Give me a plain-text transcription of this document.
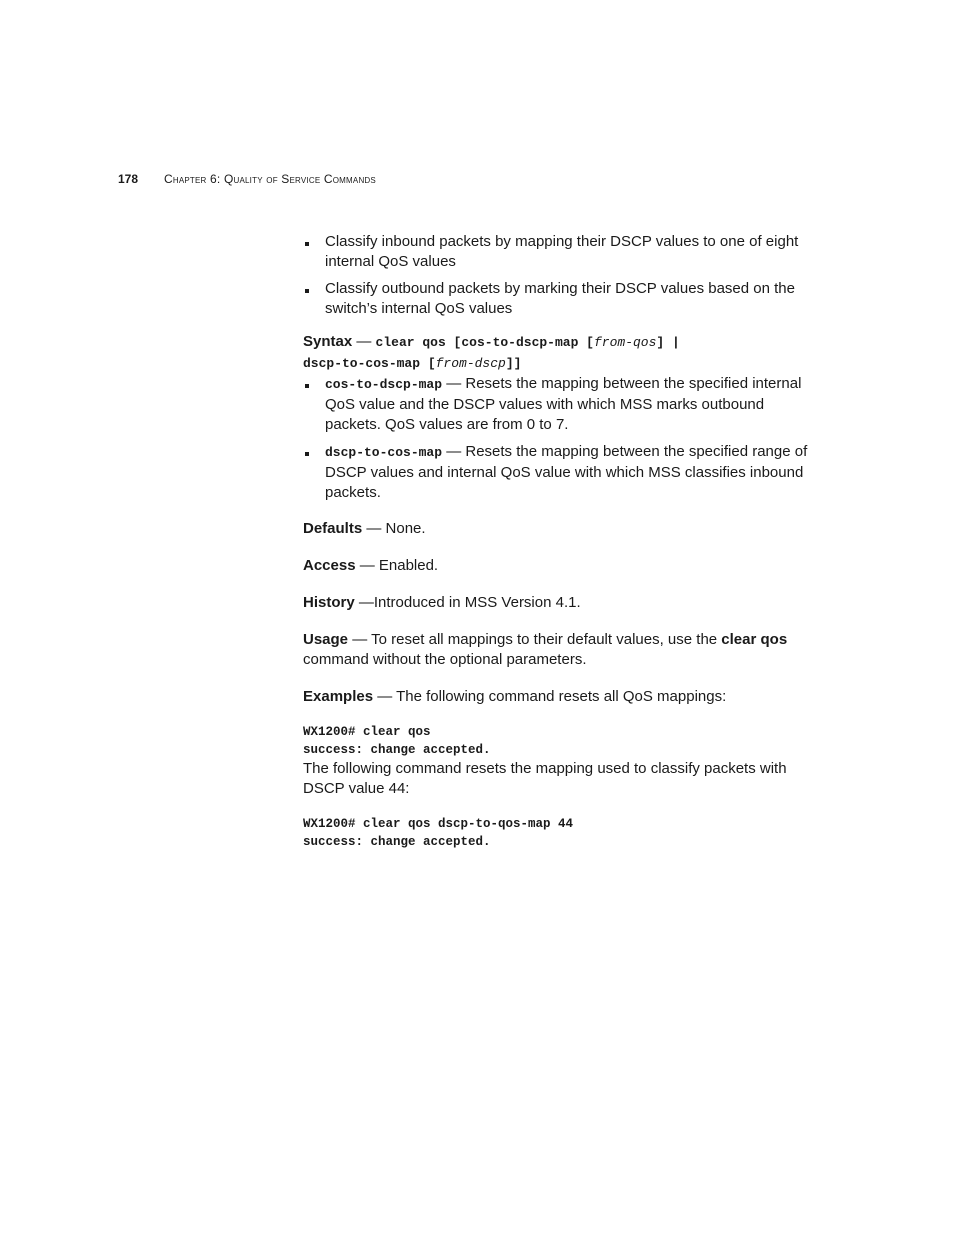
178 Chapter 6: Quality of Service Commands
Classify inbound packets by mapping their DSCP values to one of eight internal QoS values
Classify outbound packets by marking their DSCP values based on the switch’s internal QoS values
Syntax — clear qos [cos-to-dscp-map [from-qos] |
dscp-to-cos-map [from-dscp]]
cos-to-dscp-map — Resets the mapping between the specified internal QoS value and the DSCP values with which MSS marks outbound packets. QoS values are from 0 to 7.
dscp-to-cos-map — Resets the mapping between the specified range of DSCP values and internal QoS value with which MSS classifies inbound packets.

Defaults — None.

Access — Enabled.

History —Introduced in MSS Version 4.1.

Usage — To reset all mappings to their default values, use the clear qos command without the optional parameters.

Examples — The following command resets all QoS mappings:

WX1200# clear qos
success: change accepted.

The following command resets the mapping used to classify packets with DSCP value 44:

WX1200# clear qos dscp-to-qos-map 44
success: change accepted.
